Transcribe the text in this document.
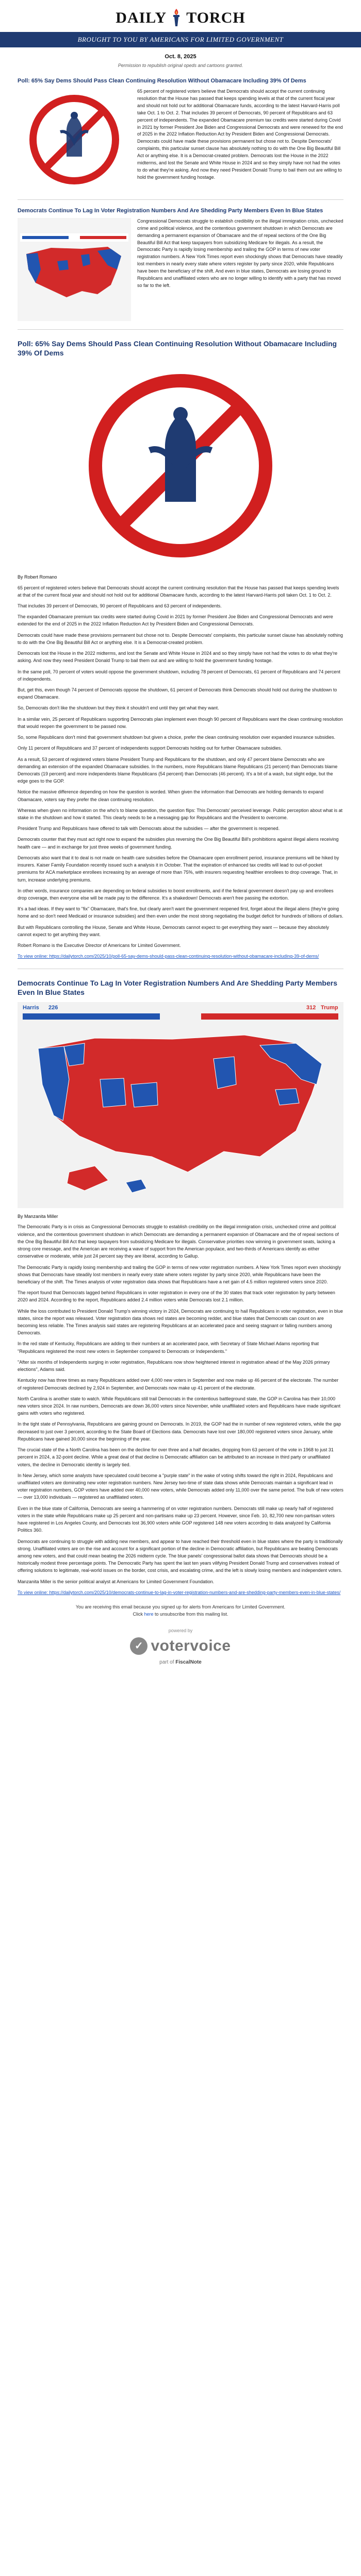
DAILY TORCH
BROUGHT TO YOU BY AMERICANS FOR LIMITED GOVERNMENT
Oct. 8, 2025
Permission to republish original opeds and cartoons granted.
Poll: 65% Say Dems Should Pass Clean Continuing Resolution Without Obamacare Including 39% Of Dems

65 percent of registered voters believe that Democrats should accept the current continuing resolution that the House has passed that keeps spending levels at that of the current fiscal year and should not hold out for additional Obamacare funds, according to the latest Harvard-Harris poll take Oct. 1 to Oct. 2. That includes 39 percent of Democrats, 90 percent of Republicans and 63 percent of independents. The expanded Obamacare premium tax credits were started during Covid in 2021 by former President Joe Biden and Congressional Democrats and were renewed for the end of 2025 in the 2022 Inflation Reduction Act by President Biden and Congressional Democrats. Democrats could have made these provisions permanent but chose not to. Despite Democrats' complaints, this particular sunset clause has absolutely nothing to do with the One Big Beautiful Bill Act or anything else. It is a Democrat-created problem. Democrats lost the House in the 2022 midterms, and lost the Senate and White House in 2024 and so they simply have not had the votes to do what they're asking. And now they need President Donald Trump to bail them out are willing to hold the government funding hostage.

Democrats Continue To Lag In Voter Registration Numbers And Are Shedding Party Members Even In Blue States

Congressional Democrats struggle to establish credibility on the illegal immigration crisis, unchecked crime and political violence, and the contentious government shutdown in which Democrats are demanding a permanent expansion of Obamacare and the of repeal sections of the One Big Beautiful Bill Act that keep taxpayers from subsidizing Medicare for illegals. As a result, the Democratic Party is rapidly losing membership and trailing the GOP in terms of new voter registration numbers. A New York Times report even shockingly shows that Democrats have steadily lost members in nearly every state where voters register by party since 2020, while Republicans have been the beneficiary of the shift. And even in blue states, Democrats are losing ground to Republicans and unaffiliated voters who are no longer willing to identify with a party that has moved so far to the left.

Poll: 65% Say Dems Should Pass Clean Continuing Resolution Without Obamacare Including 39% Of Dems
By Robert Romano

65 percent of registered voters believe that Democrats should accept the current continuing resolution that the House has passed that keeps spending levels at that of the current fiscal year and should not hold out for additional Obamacare funds, according to the latest Harvard-Harris poll taken Oct. 1 to Oct. 2.

That includes 39 percent of Democrats, 90 percent of Republicans and 63 percent of independents.

The expanded Obamacare premium tax credits were started during Covid in 2021 by former President Joe Biden and Congressional Democrats and were extended for the end of 2025 in the 2022 Inflation Reduction Act by President Biden and Congressional Democrats.

Democrats could have made these provisions permanent but chose not to. Despite Democrats' complaints, this particular sunset clause has absolutely nothing to do with the One Big Beautiful Bill Act or anything else. It is a Democrat-created problem.

Democrats lost the House in the 2022 midterms, and lost the Senate and White House in 2024 and so they simply have not had the votes to do what they're asking. And now they need President Donald Trump to bail them out and are willing to hold the government funding hostage.

In the same poll, 70 percent of voters would oppose the government shutdown, including 78 percent of Democrats, 61 percent of Republicans and 74 percent of independents.

But, get this, even though 74 percent of Democrats oppose the shutdown, 61 percent of Democrats think Democrats should hold out during the shutdown to expand Obamacare.

So, Democrats don't like the shutdown but they think it shouldn't end until they get what they want.

In a similar vein, 25 percent of Republicans supporting Democrats plan implement even though 90 percent of Republicans want the clean continuing resolution that would reopen the government to be passed now.

So, some Republicans don't mind that government shutdown but given a choice, prefer the clean continuing resolution over expanded insurance subsidies.

Only 11 percent of Republicans and 37 percent of independents support Democrats holding out for further Obamacare subsidies.

As a result, 53 percent of registered voters blame President Trump and Republicans for the shutdown, and only 47 percent blame Democrats who are demanding an extension of the expanded Obamacare subsidies. In the numbers, more Republicans blame Republicans (21 percent) than Democrats blame Democrats (19 percent) and more independents blame Republicans (54 percent) than Democrats (46 percent). It's a bit of a wash, but slight edge, but the edge goes to the GOP.

Notice the massive difference depending on how the question is worded. When given the information that Democrats are holding demands to expand Obamacare, voters say they prefer the clean continuing resolution.

Whereas when given no information on the who's to blame question, the question flips: This Democrats' perceived leverage. Public perception about what is at stake in the shutdown and how it started. This clearly needs to be a messaging gap for Republicans and the President to overcome.

President Trump and Republicans have offered to talk with Democrats about the subsidies — after the government is reopened.

Democrats counter that they must act right now to expand the subsidies plus reversing the One Big Beautiful Bill's prohibitions against illegal aliens receiving health care — and in exchange for just three weeks of government funding.

Democrats also want that it to deal is not made on health care subsidies before the Obamacare open enrollment period, insurance premiums will be hiked by insurers. Kaiser Family Foundation recently issued such a analysis it in October. That the expiration of enhanced tax credits will lead to out-of-pocket premiums for ACA marketplace enrollees increasing by an average of more than 75%, with insurers requesting healthier enrollees to drop coverage. That, in turn, increase underlying premiums.

In other words, insurance companies are depending on federal subsidies to boost enrollments, and if the federal government doesn't pay up and enrollees drop coverage, then everyone else will be made pay to the difference. It's a shakedown! Democrats aren't free passing the extortion.

It's a bad ideas. If they want to "fix" Obamacare, that's fine, but clearly aren't want the government reopened first, forget about the illegal aliens (they're going home and so don't need Medicaid or insurance subsidies) and then even under the most strong negotiating the budget deficit for hundreds of billions of dollars.

But with Republicans controlling the House, Senate and White House, Democrats cannot expect to get everything they want — because they absolutely cannot expect to get anything they want.

Robert Romano is the Executive Director of Americans for Limited Government.

To view online: https://dailytorch.com/2025/10/poll-65-say-dems-should-pass-clean-continuing-resolution-without-obamacare-including-39-of-dems/

Democrats Continue To Lag In Voter Registration Numbers And Are Shedding Party Members Even In Blue States
Harris 226	312 Trump
By Manzanita Miller

The Democratic Party is in crisis as Congressional Democrats struggle to establish credibility on the illegal immigration crisis, unchecked crime and political violence, and the contentious government shutdown in which Democrats are demanding a permanent expansion of Obamacare and the of repeal sections of the One Big Beautiful Bill Act that keep taxpayers from subsidizing Medicare for illegals. Conservative priorities now winning in government seats, lacking a strong core message, and the American are receiving a wave of support from the American populace, and two-thirds of Americans identify as either conservative or moderate, while just 24 percent say they are liberal, according to Gallup.

The Democratic Party is rapidly losing membership and trailing the GOP in terms of new voter registration numbers. A New York Times report even shockingly shows that Democrats have steadily lost members in nearly every state where voters register by party since 2020, while Republicans have been the beneficiary of the shift. The Times analysis of voter registration data shows that Republicans have a net gain of 4.5 million registered voters since 2020.

The report found that Democrats lagged behind Republicans in voter registration in every one of the 30 states that track voter registration by party between 2020 and 2024. According to the report, Republicans added 2.4 million voters while Democrats lost 2.1 million.

While the loss contributed to President Donald Trump's winning victory in 2024, Democrats are continuing to hail Republicans in voter registration, even in blue states, since the report was released. Voter registration data shows red states are becoming redder, and blue states that Democrats can count on are becoming less reliable. The Times analysis said states are registering Republicans at an accelerated pace and seeing stagnant or falling numbers among Democrats.

In the red state of Kentucky, Republicans are adding to their numbers at an accelerated pace, with Secretary of State Michael Adams reporting that "Republicans registered the most new voters in September compared to Democrats or Independents."

"After six months of Independents surging in voter registration, Republicans now show heightened interest in registration ahead of the May 2026 primary elections", Adams said.

Kentucky now has three times as many Republicans added over 4,000 new voters in September and now make up 46 percent of the electorate. The number of registered Democrats declined by 2,924 in September, and Democrats now make up 41 percent of the electorate.

North Carolina is another state to watch. While Republicans still trail Democrats in the contentious battleground state, the GOP in Carolina has their 10,000 new voters since 2024. In raw numbers, Democrats are down 36,000 voters since November, while unaffiliated voters and Republicans have made significant gains with voters who registered.

In the tight state of Pennsylvania, Republicans are gaining ground on Democrats. In 2019, the GOP had the in number of new registered voters, while the gap decreased to just over 3 percent, according to the State Board of Elections data. Democrats have lost over 180,000 registered voters since January, while Republicans have gained 30,000 since the beginning of the year.

The crucial state of the a North Carolina has been on the decline for over three and a half decades, dropping from 63 percent of the vote in 1968 to just 31 percent in 2024, a 32-point decline. While a great deal of that decline is Democratic affiliation can be attributed to an increase in third party or unaffiliated voters, the decline in Democratic identity is largely tied.

In New Jersey, which some analysts have speculated could become a "purple state" in the wake of voting shifts toward the right in 2024, Republicans and unaffiliated voters are dominating new voter registration numbers. New Jersey two-time of state data shows while Democrats maintain a significant lead in voter registration numbers, GOP voters have added over 40,000 new voters, while Democrats added only 11,000 over the same period. The bulk of new voters — over 13,000 individuals — registered as unaffiliated voters.

Even in the blue state of California, Democrats are seeing a hammering of on voter registration numbers. Democrats still make up nearly half of registered voters in the state while Republicans make up 25 percent and non-partisans make up 23 percent. However, since Feb. 10, 82,700 new non-partisan voters have registered in Los Angeles County, and Democrats lost 36,900 voters while GOP registered 148 new voters according to data analyzed by California Politics 360.

Democrats are continuing to struggle with adding new members, and appear to have reached their threshold even in blue states where the party is traditionally strong. Unaffiliated voters are on the rise and account for a significant portion of the decline in Democratic affiliation, but Republicans are beating Democrats among new voters, and that could mean beating the 2026 midterm cycle. The blue panels' congressional ballot data shows that Democrats should be a historically modest three percentage points. The Democratic Party has spent the last ten years vilifying President Donald Trump and conservatives instead of offering solutions to legitimate, real-world issues on the border, cost crisis, and escalating crime, and the left is slowly losing members and independent voters.

Manzanita Miller is the senior political analyst at Americans for Limited Government Foundation.

To view online: https://dailytorch.com/2025/10/democrats-continue-to-lag-in-voter-registration-numbers-and-are-shedding-party-members-even-in-blue-states/

You are receiving this email because you signed up for alerts from Americans for Limited Government.
Click here to unsubscribe from this mailing list.
powered by
✓ votervoice
part of FiscalNote
